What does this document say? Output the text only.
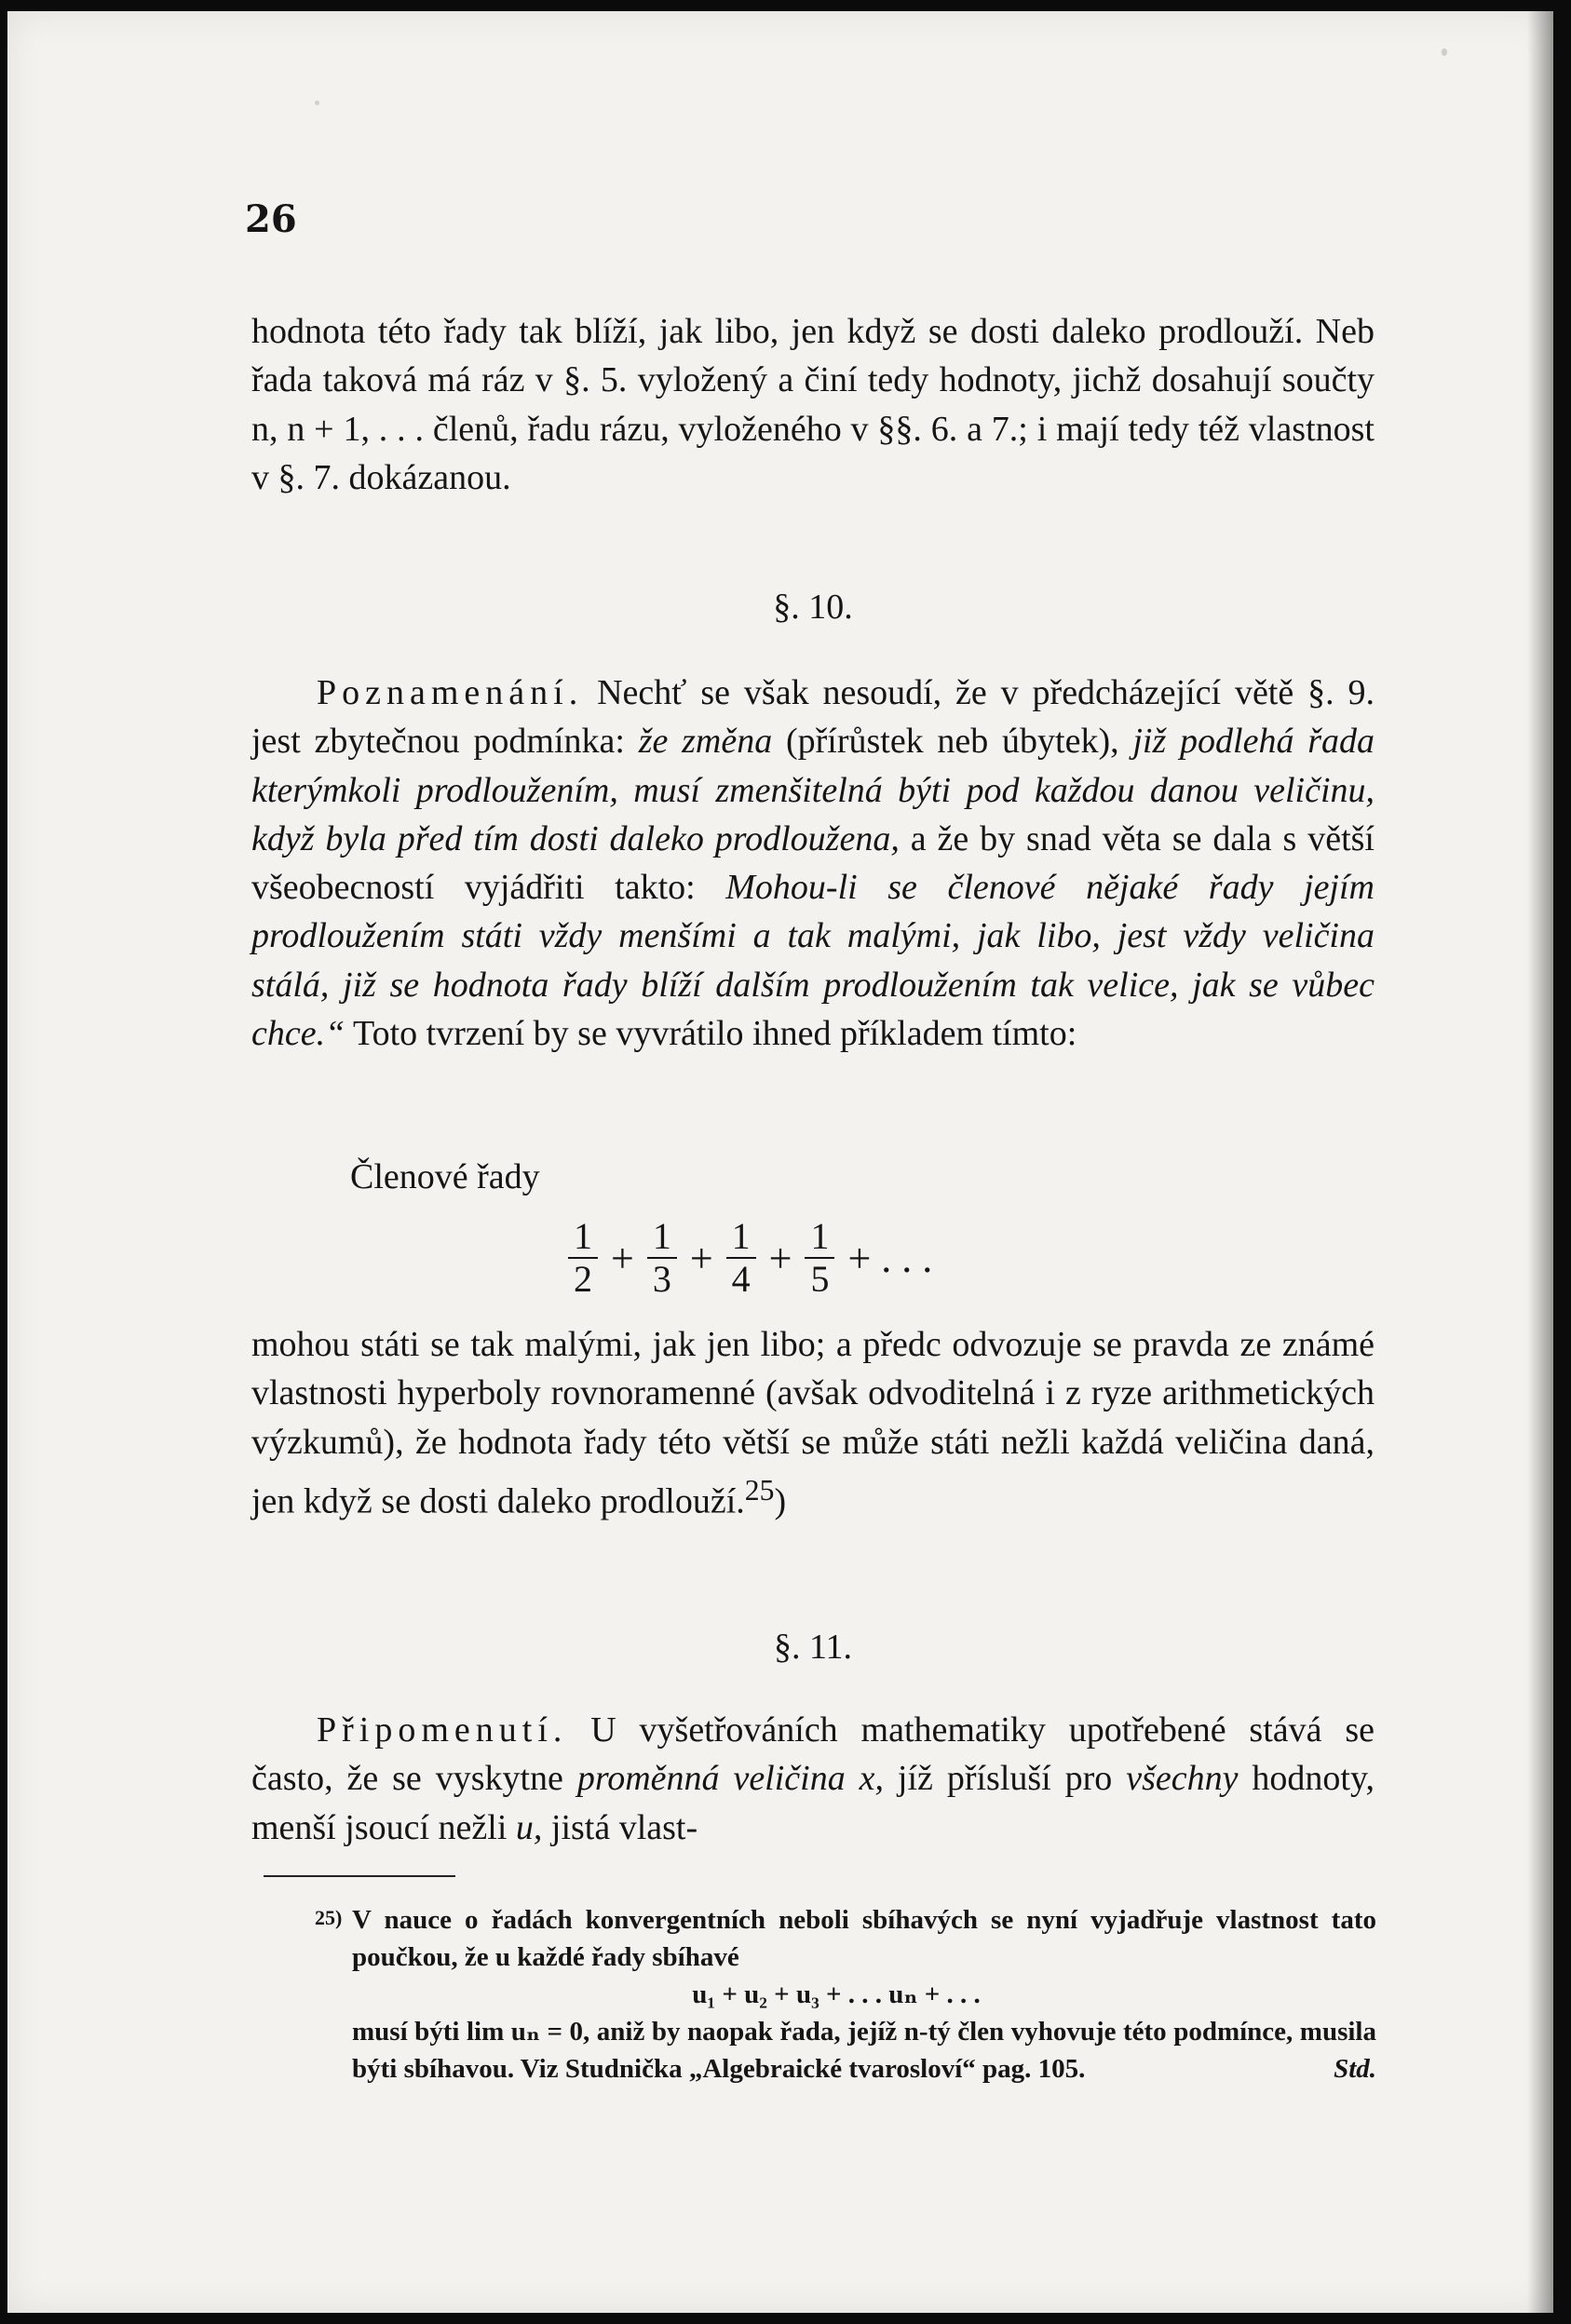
26
hodnota této řady tak blíží, jak libo, jen když se dosti daleko prodlouží. Neb řada taková má ráz v §. 5. vyložený a činí tedy hodnoty, jichž dosahují součty n, n + 1, . . . členů, řadu rázu, vyloženého v §§. 6. a 7.; i mají tedy též vlastnost v §. 7. dokázanou.
§. 10.
Poznamenání. Nechť se však nesoudí, že v předcházející větě §. 9. jest zbytečnou podmínka: že změna (přírůstek neb úbytek), již podlehá řada kterýmkoli prodloužením, musí zmenšitelná býti pod každou danou veličinu, když byla před tím dosti daleko prodloužena, a že by snad věta se dala s větší všeobecností vyjádřiti takto: Mohou-li se členové nějaké řady jejím prodloužením státi vždy menšími a tak malými, jak libo, jest vždy veličina stálá, již se hodnota řady blíží dalším prodloužením tak velice, jak se vůbec chce.“ Toto tvrzení by se vyvrátilo ihned příkladem tímto:
Členové řady
$\frac{1}{2} + \frac{1}{3} + \frac{1}{4} + \frac{1}{5}$ + . . .
mohou státi se tak malými, jak jen libo; a předc odvozuje se pravda ze známé vlastnosti hyperboly rovnoramenné (avšak odvoditelná i z ryze arithmetických výzkumů), že hodnota řady této větší se může státi nežli každá veličina daná, jen když se dosti daleko prodlouží.$^{25}$)
§. 11.
Připomenutí. U vyšetřováních mathematiky upotřebené stává se často, že se vyskytne proměnná veličina x, jíž přísluší pro všechny hodnoty, menší jsoucí nežli u, jistá vlast-
25) V nauce o řadách konvergentních neboli sbíhavých se nyní vyjadřuje vlastnost tato poučkou, že u každé řady sbíhavé
u₁ + u₂ + u₃ + . . . uₙ + . . .
musí býti lim uₙ = 0, aniž by naopak řada, jejíž n-tý člen vyhovuje této podmínce, musila býti sbíhavou. Viz Studnička „Algebraické tvarosloví“ pag. 105.	Std.
